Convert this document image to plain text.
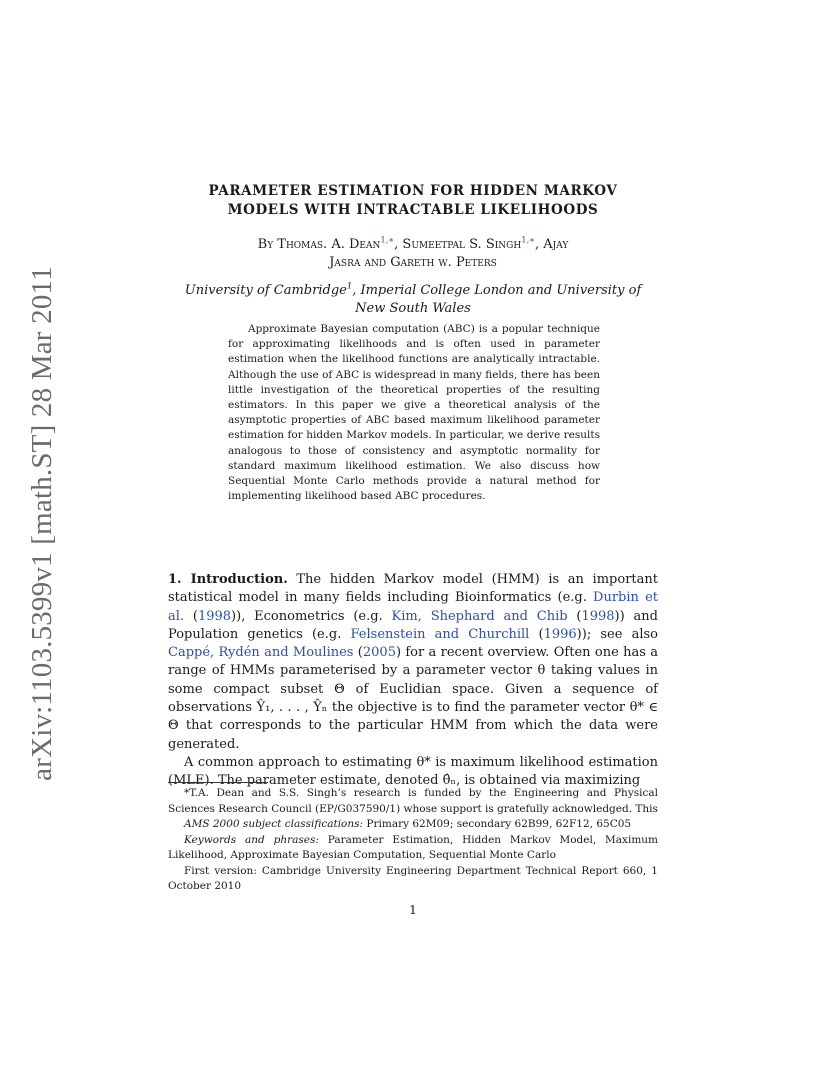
arXiv:1103.5399v1 [math.ST] 28 Mar 2011
PARAMETER ESTIMATION FOR HIDDEN MARKOV
MODELS WITH INTRACTABLE LIKELIHOODS
By Thomas. A. Dean$^{1,∗}$, Sumeetpal S. Singh$^{1,∗}$, Ajay
Jasra and Gareth w. Peters
University of Cambridge$^1$, Imperial College London and University of New South Wales
Approximate Bayesian computation (ABC) is a popular technique for approximating likelihoods and is often used in parameter estimation when the likelihood functions are analytically intractable. Although the use of ABC is widespread in many fields, there has been little investigation of the theoretical properties of the resulting estimators. In this paper we give a theoretical analysis of the asymptotic properties of ABC based maximum likelihood parameter estimation for hidden Markov models. In particular, we derive results analogous to those of consistency and asymptotic normality for standard maximum likelihood estimation. We also discuss how Sequential Monte Carlo methods provide a natural method for implementing likelihood based ABC procedures.

1. Introduction. The hidden Markov model (HMM) is an important statistical model in many fields including Bioinformatics (e.g. Durbin et al. (1998)), Econometrics (e.g. Kim, Shephard and Chib (1998)) and Population genetics (e.g. Felsenstein and Churchill (1996)); see also Cappé, Rydén and Moulines (2005) for a recent overview. Often one has a range of HMMs parameterised by a parameter vector θ taking values in some compact subset Θ of Euclidian space. Given a sequence of observations Ŷ₁, . . . , Ŷₙ the objective is to find the parameter vector θ* ∈ Θ that corresponds to the particular HMM from which the data were generated.

A common approach to estimating θ* is maximum likelihood estimation (MLE). The parameter estimate, denoted θ̂ₙ, is obtained via maximizing

*T.A. Dean and S.S. Singh’s research is funded by the Engineering and Physical Sciences Research Council (EP/G037590/1) whose support is gratefully acknowledged. This

AMS 2000 subject classifications: Primary 62M09; secondary 62B99, 62F12, 65C05

Keywords and phrases: Parameter Estimation, Hidden Markov Model, Maximum Likelihood, Approximate Bayesian Computation, Sequential Monte Carlo

First version: Cambridge University Engineering Department Technical Report 660, 1 October 2010

1
